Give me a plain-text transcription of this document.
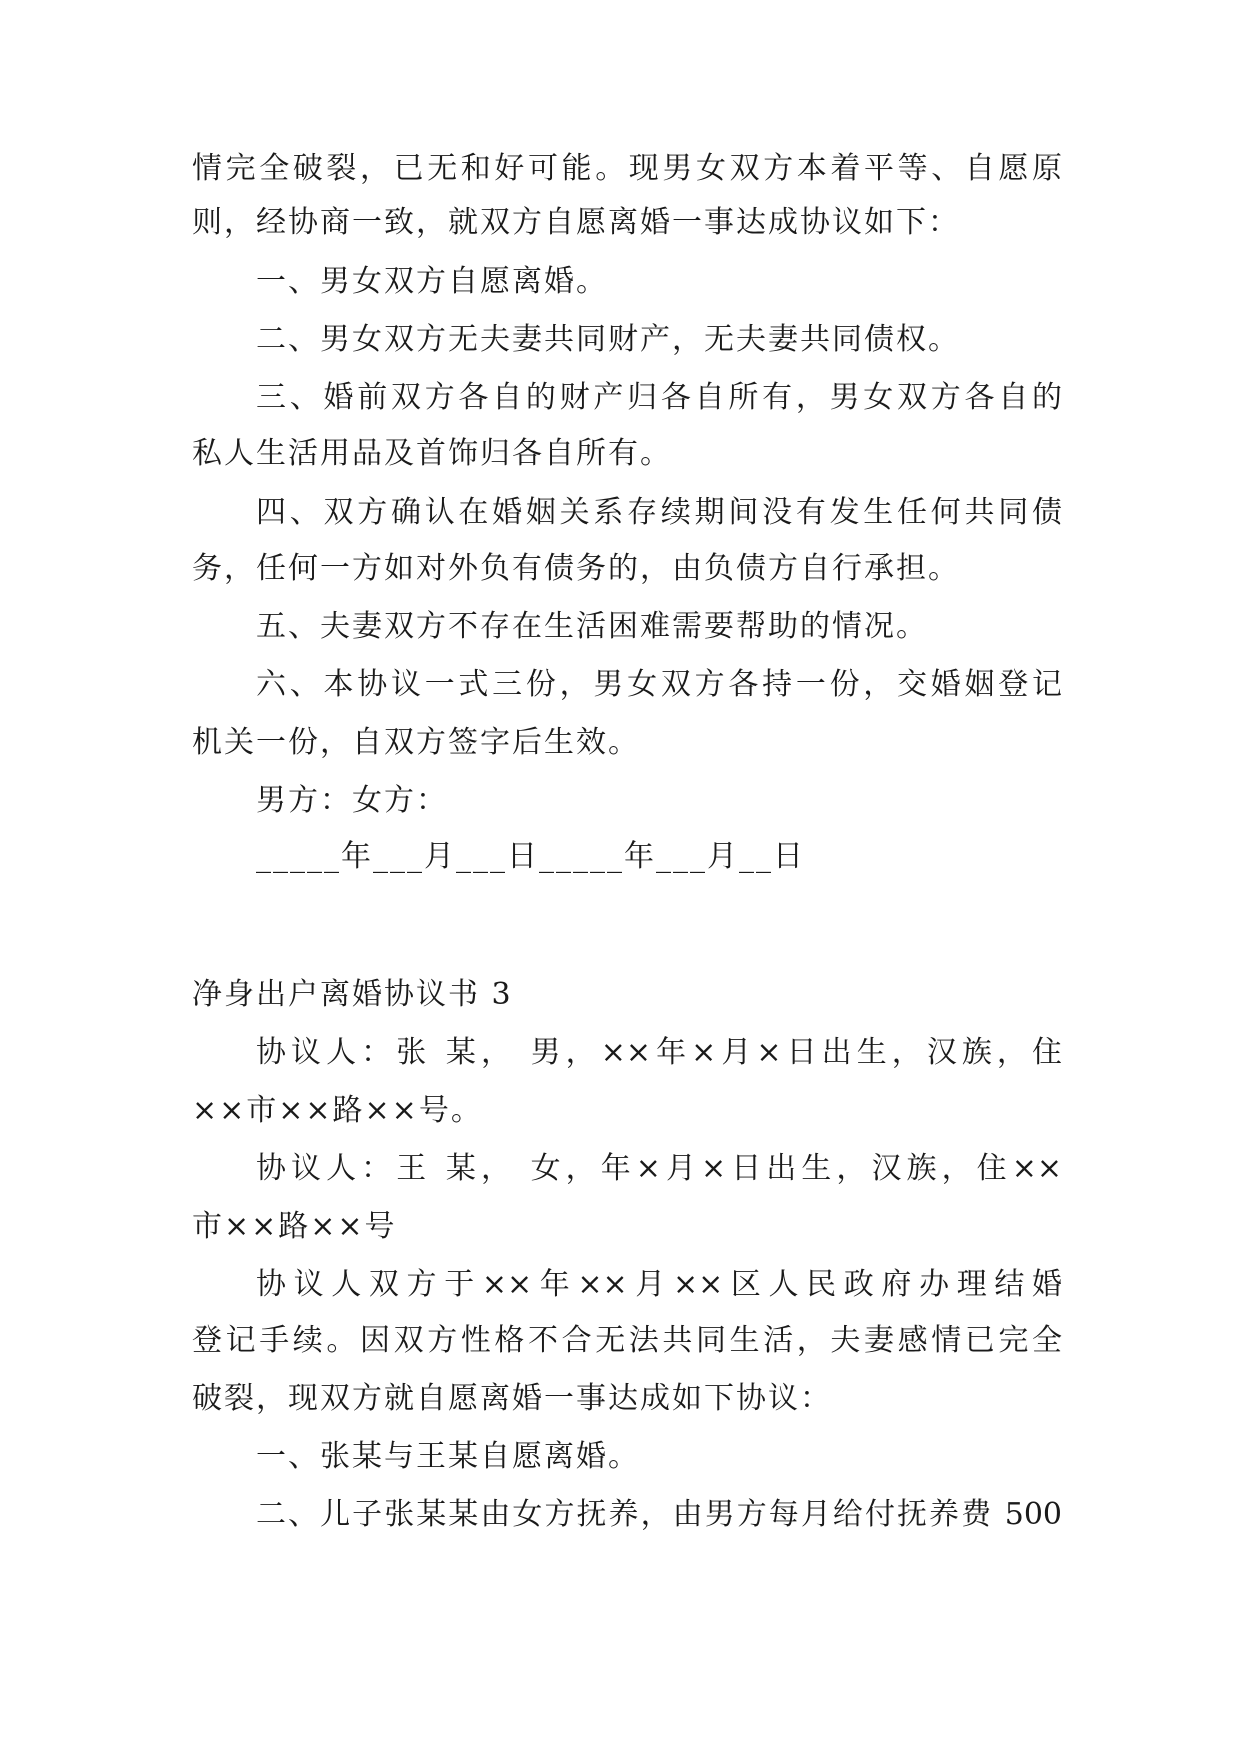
情完全破裂，已无和好可能。现男女双方本着平等、自愿原
则，经协商一致，就双方自愿离婚一事达成协议如下：
一、男女双方自愿离婚。
二、男女双方无夫妻共同财产，无夫妻共同债权。
三、婚前双方各自的财产归各自所有，男女双方各自的
私人生活用品及首饰归各自所有。
四、双方确认在婚姻关系存续期间没有发生任何共同债
务，任何一方如对外负有债务的，由负债方自行承担。
五、夫妻双方不存在生活困难需要帮助的情况。
六、本协议一式三份，男女双方各持一份，交婚姻登记
机关一份，自双方签字后生效。
男方：女方：
_____年___月___日_____年___月__日
净身出户离婚协议书 3
协议人：张 某， 男，××年×月×日出生，汉族，住
××市××路××号。
协议人：王 某， 女，年×月×日出生，汉族，住××
市××路××号
协议人双方于××年××月××区人民政府办理结婚
登记手续。因双方性格不合无法共同生活，夫妻感情已完全
破裂，现双方就自愿离婚一事达成如下协议：
一、张某与王某自愿离婚。
二、儿子张某某由女方抚养，由男方每月给付抚养费 500
